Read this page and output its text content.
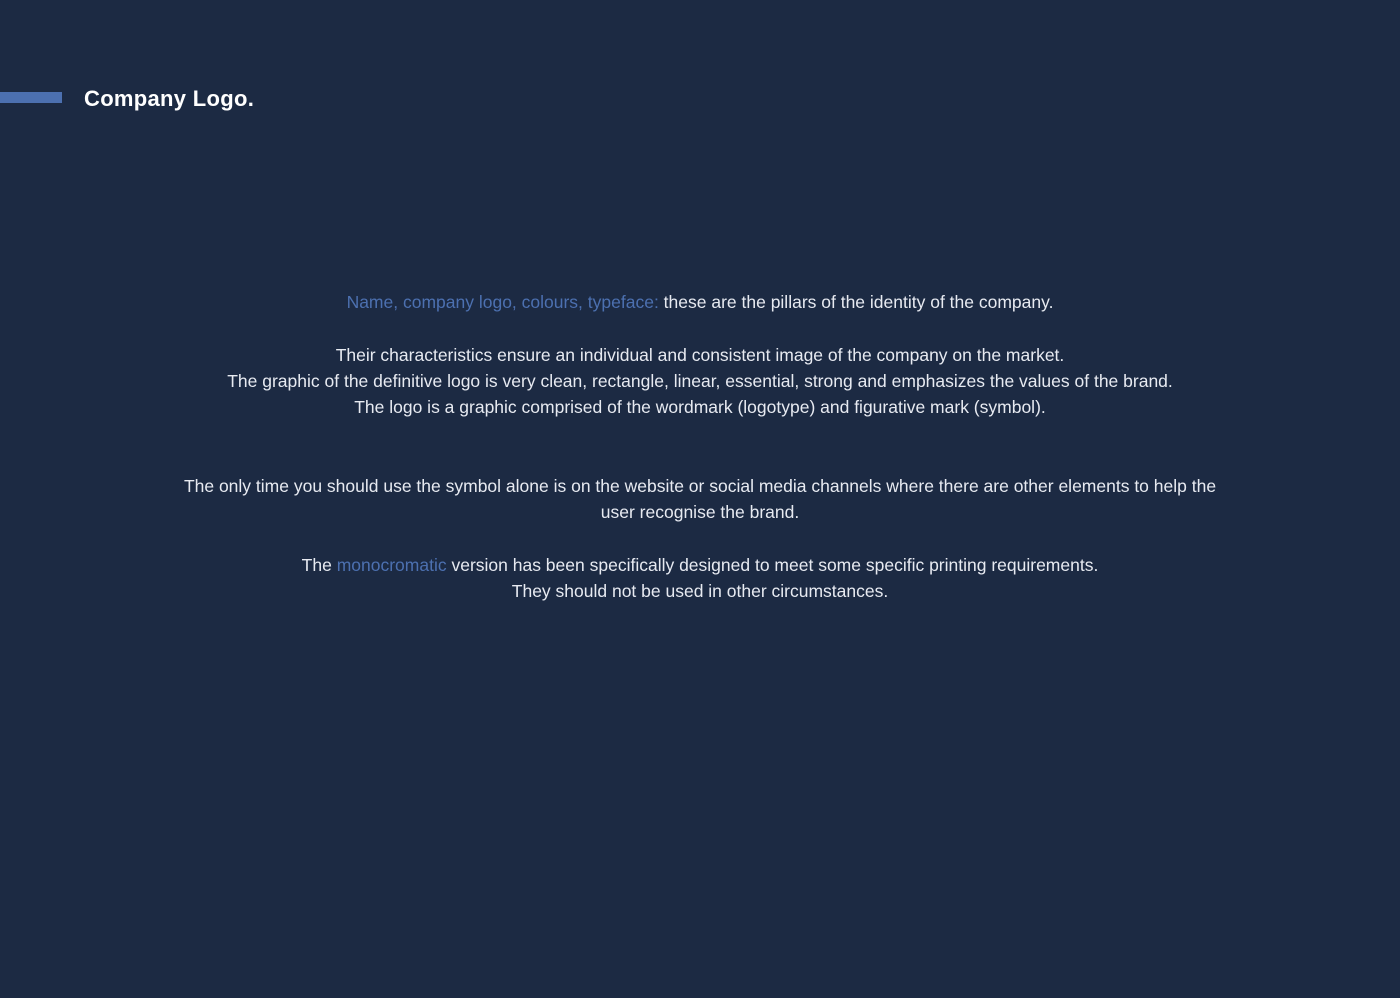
Company Logo.
Name, company logo, colours, typeface: these are the pillars of the identity of the company.
Their characteristics ensure an individual and consistent image of the company on the market.
The graphic of the definitive logo is very clean, rectangle, linear, essential, strong and emphasizes the values of the brand.
The logo is a graphic comprised of the wordmark (logotype) and figurative mark (symbol).
The only time you should use the symbol alone is on the website or social media channels where there are other elements to help the
user recognise the brand.
The monocromatic version has been specifically designed to meet some specific printing requirements.
They should not be used in other circumstances.
